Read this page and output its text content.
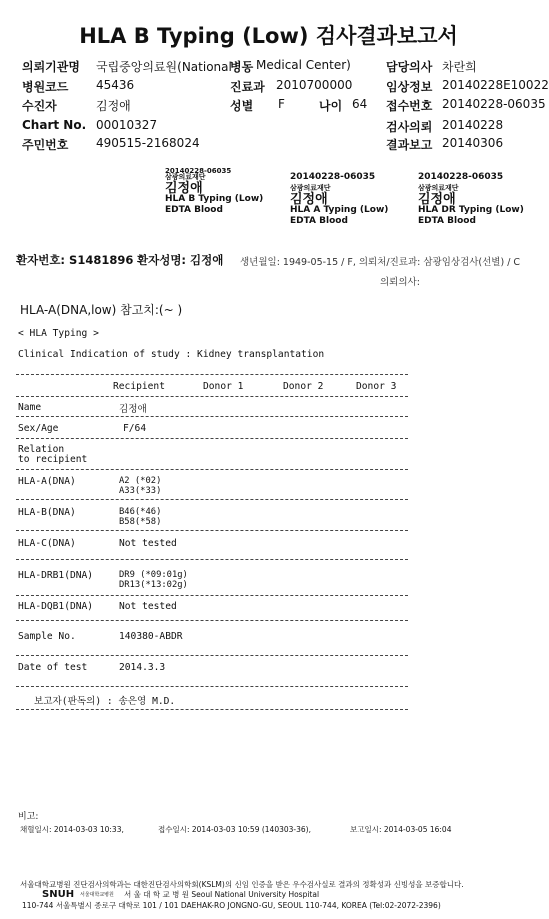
HLA B Typing (Low) 검사결과보고서
의뢰기관명 국립중앙의료원(National
병동 Medical Center)	담당의사 차란희
병원코드 45436	진료과 2010700000	임상정보 20140228E10022
수진자	김정애	성별 F	나이 64 접수번호 20140228-06035
Chart No. 00010327	검사의뢰 20140228
주민번호 490515-2168024	결과보고 20140306
20140228-06035
삼광의료재단
김정애
HLA B Typing (Low)
EDTA Blood
20140228-06035
삼광의료재단
김정애
HLA A Typing (Low)
EDTA Blood
20140228-06035
삼광의료재단
김정애
HLA DR Typing (Low)
EDTA Blood
환자번호: S1481896 환자성명: 김정애 생년월일: 1949-05-15 / F, 의뢰처/진료과: 삼광임상검사(선별) / C
의뢰의사:
HLA-A(DNA,low) 참고치:(~ )
< HLA Typing >
Clinical Indication of study : Kidney transplantation
Recipient	Donor 1	Donor 2	Donor 3
Name	김정애
Sex/Age	F/64
Relation
to recipient
HLA-A(DNA)	A2 (*02)
A33(*33)
HLA-B(DNA)	B46(*46)
B58(*58)
HLA-C(DNA)	Not tested
HLA-DRB1(DNA)	DR9 (*09:01g)
DR13(*13:02g)
HLA-DQB1(DNA)	Not tested
Sample No.	140380-ABDR
Date of test	2014.3.3
보고자(판독의) : 송은영 M.D.
비고:
채혈일시: 2014-03-03 10:33,	접수일시: 2014-03-03 10:59 (140303-36),	보고일시: 2014-03-05 16:04
서울대학교병원 진단검사의학과는 대한진단검사의학회(KSLM)의 신임 인증을 받은 우수검사실로 결과의 정확성과 신빙성을 보증합니다.
SNUH 서울대학교병원 서 울 대 학 교 병 원 Seoul National University Hospital
110-744 서울특별시 종로구 대학로 101 / 101 DAEHAK-RO JONGNO-GU, SEOUL 110-744, KOREA (Tel:02-2072-2396)
